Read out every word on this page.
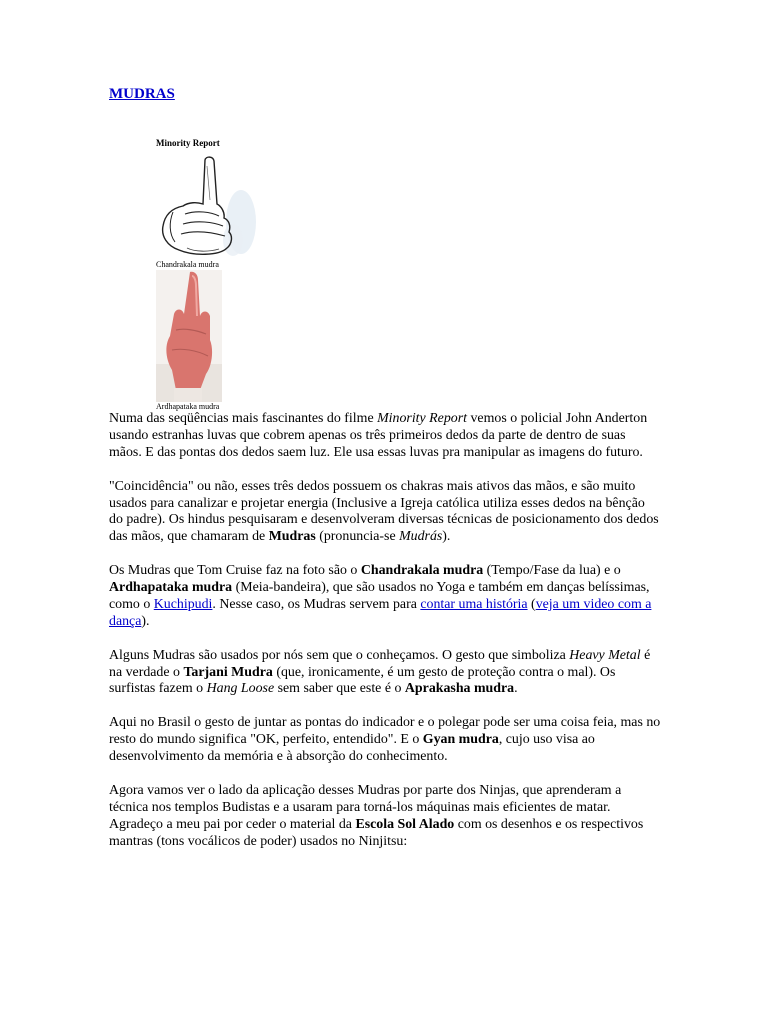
MUDRAS
Minority Report
Chandrakala mudra
Ardhapataka mudra

Numa das seqüências mais fascinantes do filme Minority Report vemos o policial John Anderton usando estranhas luvas que cobrem apenas os três primeiros dedos da parte de dentro de suas mãos. E das pontas dos dedos saem luz. Ele usa essas luvas pra manipular as imagens do futuro.

"Coincidência" ou não, esses três dedos possuem os chakras mais ativos das mãos, e são muito usados para canalizar e projetar energia (Inclusive a Igreja católica utiliza esses dedos na bênção do padre). Os hindus pesquisaram e desenvolveram diversas técnicas de posicionamento dos dedos das mãos, que chamaram de Mudras (pronuncia-se Mudrás).

Os Mudras que Tom Cruise faz na foto são o Chandrakala mudra (Tempo/Fase da lua) e o Ardhapataka mudra (Meia-bandeira), que são usados no Yoga e também em danças belíssimas, como o Kuchipudi. Nesse caso, os Mudras servem para contar uma história (veja um video com a dança).

Alguns Mudras são usados por nós sem que o conheçamos. O gesto que simboliza Heavy Metal é na verdade o Tarjani Mudra (que, ironicamente, é um gesto de proteção contra o mal). Os surfistas fazem o Hang Loose sem saber que este é o Aprakasha mudra.

Aqui no Brasil o gesto de juntar as pontas do indicador e o polegar pode ser uma coisa feia, mas no resto do mundo significa "OK, perfeito, entendido". E o Gyan mudra, cujo uso visa ao desenvolvimento da memória e à absorção do conhecimento.

Agora vamos ver o lado da aplicação desses Mudras por parte dos Ninjas, que aprenderam a técnica nos templos Budistas e a usaram para torná-los máquinas mais eficientes de matar. Agradeço a meu pai por ceder o material da Escola Sol Alado com os desenhos e os respectivos mantras (tons vocálicos de poder) usados no Ninjitsu:
